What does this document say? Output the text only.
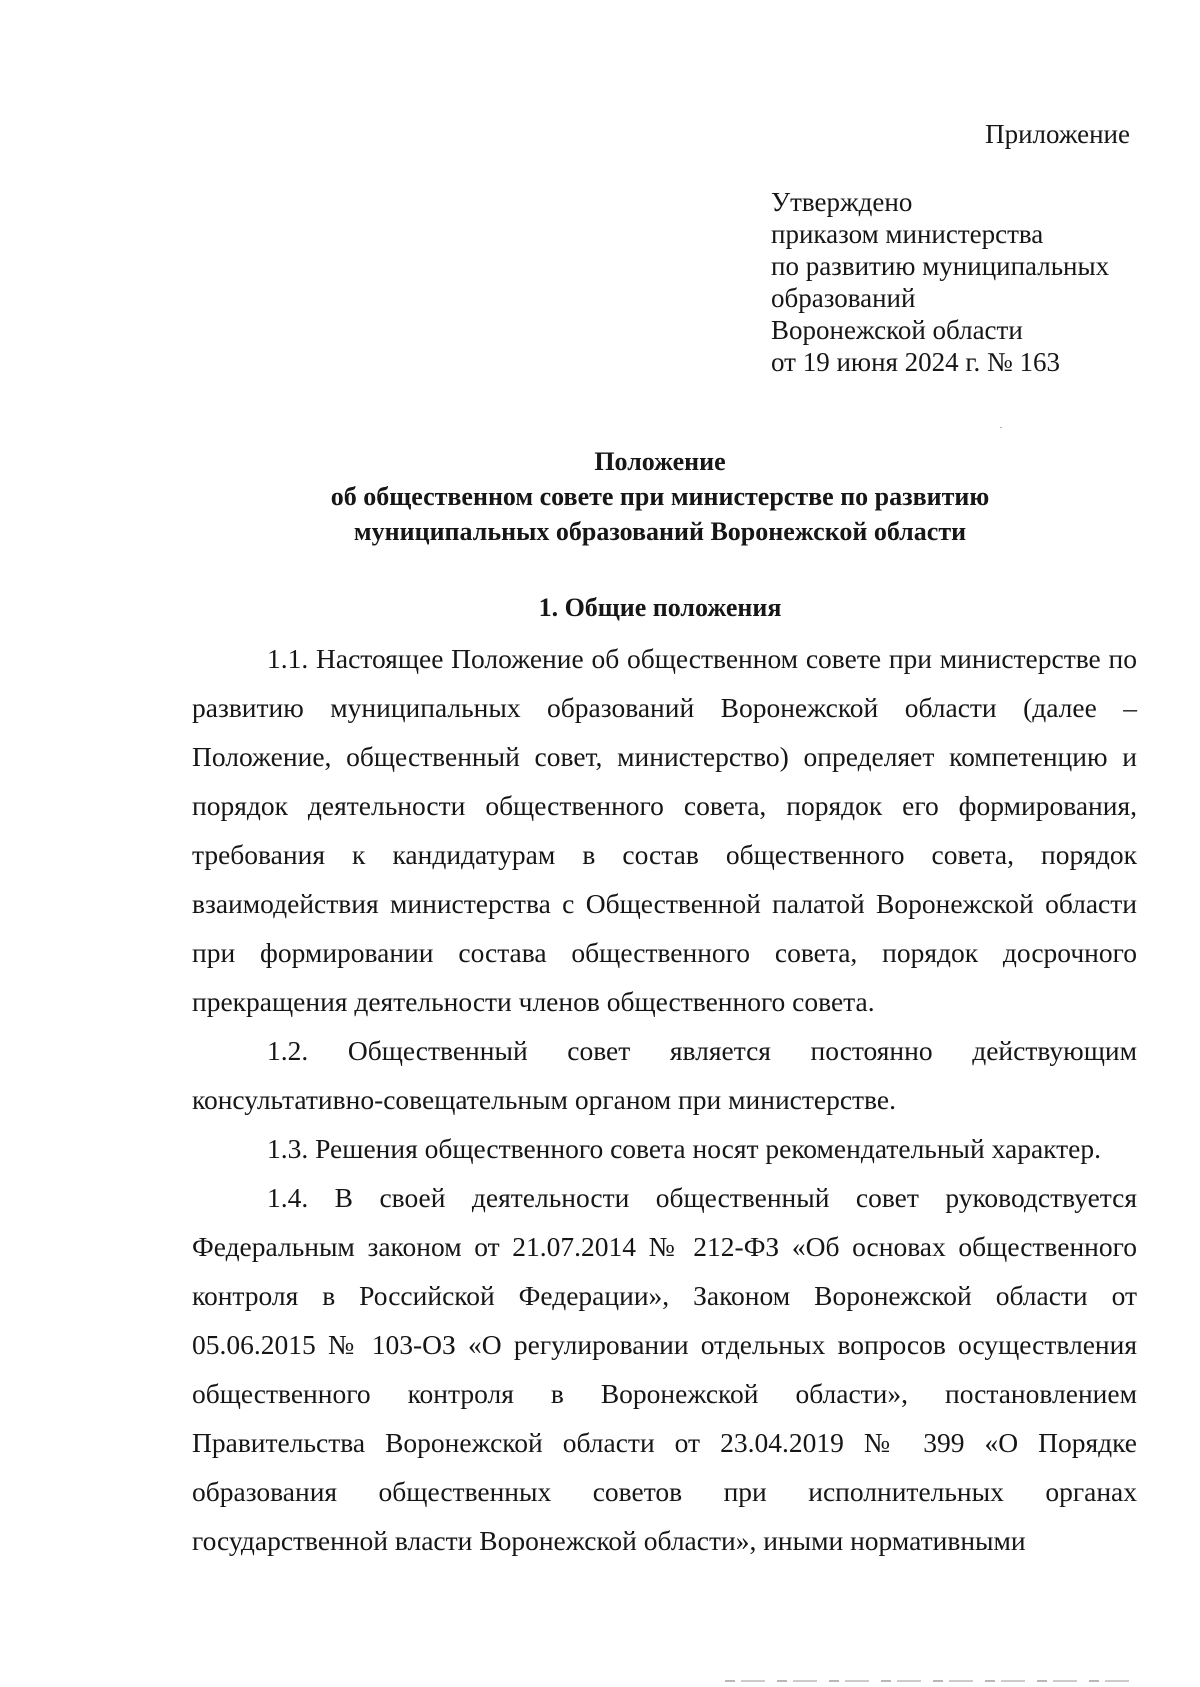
Приложение

Утверждено
приказом министерства
по развитию муниципальных
образований
Воронежской области
от 19 июня 2024 г. № 163
Положение
об общественном совете при министерстве по развитию
муниципальных образований Воронежской области

1. Общие положения

1.1. Настоящее Положение об общественном совете при министерстве по развитию муниципальных образований Воронежской области (далее – Положение, общественный совет, министерство) определяет компетенцию и порядок деятельности общественного совета, порядок его формирования, требования к кандидатурам в состав общественного совета, порядок взаимодействия министерства с Общественной палатой Воронежской области при формировании состава общественного совета, порядок досрочного прекращения деятельности членов общественного совета.

1.2. Общественный совет является постоянно действующим консультативно-совещательным органом при министерстве.

1.3. Решения общественного совета носят рекомендательный характер.

1.4. В своей деятельности общественный совет руководствуется Федеральным законом от 21.07.2014 № 212-ФЗ «Об основах общественного контроля в Российской Федерации», Законом Воронежской области от 05.06.2015 № 103-ОЗ «О регулировании отдельных вопросов осуществления общественного контроля в Воронежской области», постановлением Правительства Воронежской области от 23.04.2019 № 399 «О Порядке образования общественных советов при исполнительных органах государственной власти Воронежской области», иными нормативными
